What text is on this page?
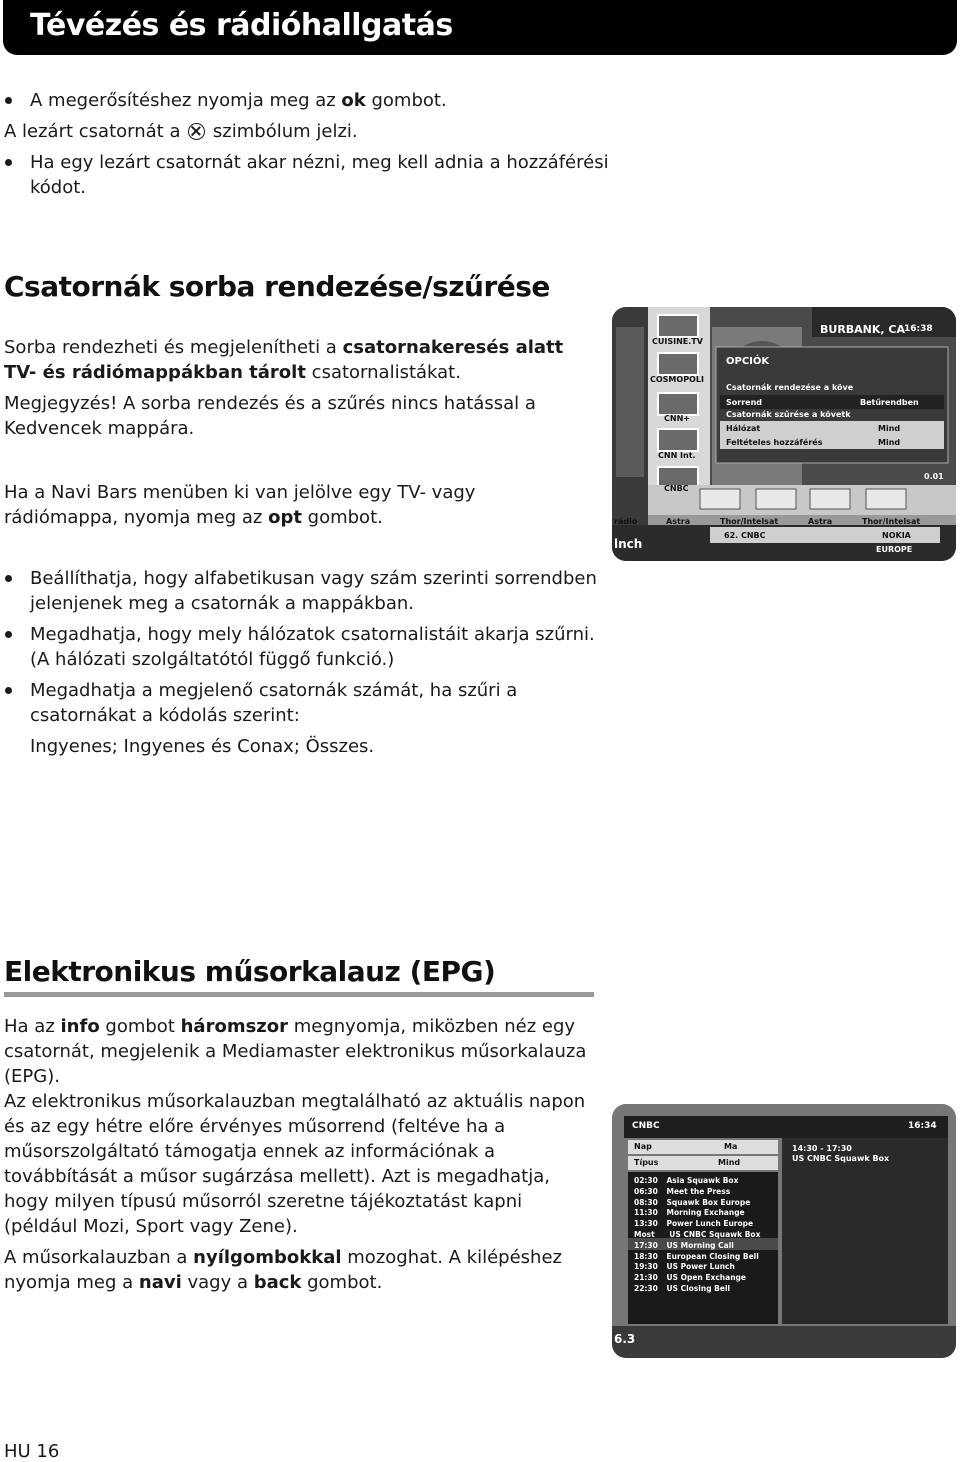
Tévézés és rádióhallgatás

A megerősítéshez nyomja meg az ok gombot.

A lezárt csatornát a  szimbólum jelzi.

Ha egy lezárt csatornát akar nézni, meg kell adnia a hozzáférési kódot.

Csatornák sorba rendezése/szűrése

Sorba rendezheti és megjelenítheti a csatornakeresés alatt TV- és rádiómappákban tárolt csatornalistákat.

Megjegyzés! A sorba rendezés és a szűrés nincs hatással a Kedvencek mappára.

Ha a Navi Bars menüben ki van jelölve egy TV- vagy rádiómappa, nyomja meg az opt gombot.

Beállíthatja, hogy alfabetikusan vagy szám szerinti sorrendben jelenjenek meg a csatornák a mappákban.

Megadhatja, hogy mely hálózatok csatornalistáit akarja szűrni. (A hálózati szolgáltatótól függő funkció.)

Megadhatja a megjelenő csatornák számát, ha szűri a csatornákat a kódolás szerint:

Ingyenes; Ingyenes és Conax; Összes.

CUISINE.TV
COSMOPOLI
CNN+
CNN Int.
CNBC
BURBANK, CA
16:38
OPCIÓK
Csatornák rendezése a köve
Sorrend	Betűrendben
Csatornák szűrése a követk
Hálózat	Mind
Feltételes hozzáférés	Mind
0.01
Astra	Thor/Intelsat	Astra	Thor/Intelsat
rádio
lnch
62. CNBC	NOKIA
EUROPE
Elektronikus műsorkalauz (EPG)

Ha az info gombot háromszor megnyomja, miközben néz egy csatornát, megjelenik a Mediamaster elektronikus műsorkalauza (EPG).

Az elektronikus műsorkalauzban megtalálható az aktuális napon és az egy hétre előre érvényes műsorrend (feltéve ha a műsorszolgáltató támogatja ennek az információnak a továbbítását a műsor sugárzása mellett). Azt is megadhatja, hogy milyen típusú műsorról szeretne tájékoztatást kapni (például Mozi, Sport vagy Zene).

A műsorkalauzban a nyílgombokkal mozoghat. A kilépéshez nyomja meg a navi vagy a back gombot.

CNBC	16:34
Nap	Ma
Típus	Mind
14:30 - 17:30
US CNBC Squawk Box
02:30 Asia Squawk Box
06:30 Meet the Press
08:30 Squawk Box Europe
11:30 Morning Exchange
13:30 Power Lunch Europe
Most US CNBC Squawk Box
17:30 US Morning Call
18:30 European Closing Bell
19:30 US Power Lunch
21:30 US Open Exchange
22:30 US Closing Bell
6.3
HU 16
